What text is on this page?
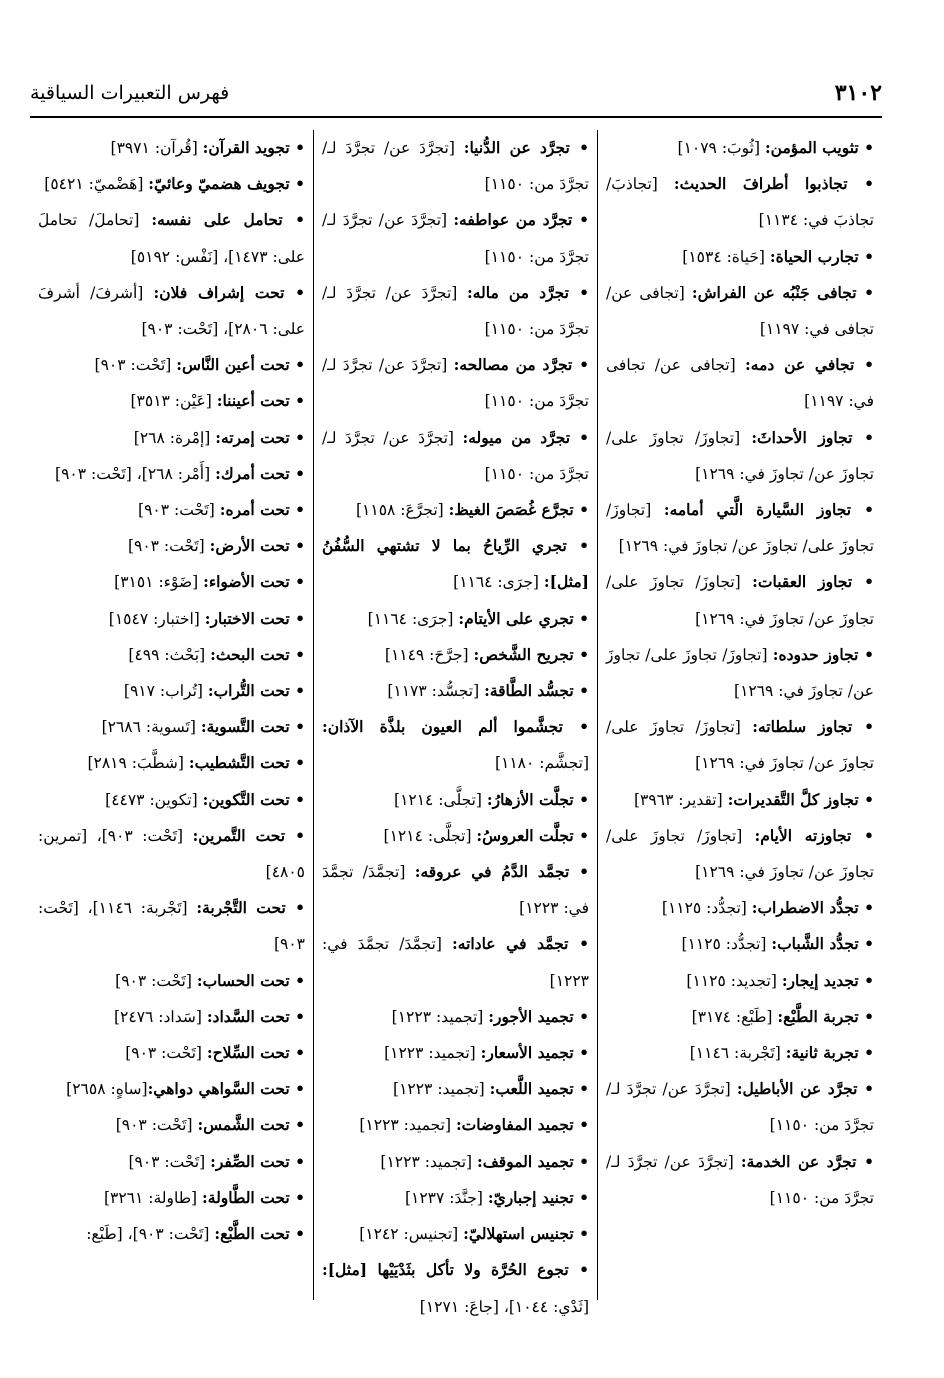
٣١٠٢
فهرس التعبيرات السياقية

• تثويب المؤمن: [ثُوبَ: ١٠٧٩]

• تجاذبوا أطرافَ الحديث: [تجاذبَ/ تجاذبَ في: ١١٣٤]

• تجارب الحياة: [حَياة: ١٥٣٤]

• تجافى جَنْبُه عن الفراش: [تجافى عن/ تجافى في: ١١٩٧]

• تجافي عن دمه: [تجافى عن/ تجافى في: ١١٩٧]

• تجاوز الأحداثَ: [تجاوزَ/ تجاوزَ على/ تجاوزَ عن/ تجاوزَ في: ١٢٦٩]

• تجاوز السَّيارة الَّتي أمامه: [تجاوزَ/ تجاوزَ على/ تجاوزَ عن/ تجاوزَ في: ١٢٦٩]

• تجاوز العقبات: [تجاوزَ/ تجاوزَ على/ تجاوزَ عن/ تجاوزَ في: ١٢٦٩]

• تجاوز حدوده: [تجاوزَ/ تجاوزَ على/ تجاوزَ عن/ تجاوزَ في: ١٢٦٩]

• تجاوز سلطاته: [تجاوزَ/ تجاوزَ على/ تجاوزَ عن/ تجاوزَ في: ١٢٦٩]

• تجاوز كلَّ التَّقديرات: [تقدير: ٣٩٦٣]

• تجاوزته الأيام: [تجاوزَ/ تجاوزَ على/ تجاوزَ عن/ تجاوزَ في: ١٢٦٩]

• تجدُّد الاضطراب: [تجدُّد: ١١٢٥]

• تجدُّد الشَّباب: [تجدُّد: ١١٢٥]

• تجديد إيجار: [تجديد: ١١٢٥]

• تجربة الطَّبْع: [طَبْع: ٣١٧٤]

• تجربة ثانية: [تَجْربة: ١١٤٦]

• تجرَّد عن الأباطيل: [تجرَّدَ عن/ تجرَّدَ لـ/ تجرَّدَ من: ١١٥٠]

• تجرَّد عن الخدمة: [تجرَّدَ عن/ تجرَّدَ لـ/ تجرَّدَ من: ١١٥٠]

• تجرَّد عن الدُّنيا: [تجرَّدَ عن/ تجرَّدَ لـ/ تجرَّدَ من: ١١٥٠]

• تجرَّد من عواطفه: [تجرَّدَ عن/ تجرَّدَ لـ/ تجرَّدَ من: ١١٥٠]

• تجرَّد من ماله: [تجرَّدَ عن/ تجرَّدَ لـ/ تجرَّدَ من: ١١٥٠]

• تجرَّد من مصالحه: [تجرَّدَ عن/ تجرَّدَ لـ/ تجرَّدَ من: ١١٥٠]

• تجرَّد من ميوله: [تجرَّدَ عن/ تجرَّدَ لـ/ تجرَّدَ من: ١١٥٠]

• تجرَّع غُصَصَ الغيظ: [تجرَّعَ: ١١٥٨]

• تجري الرِّياحُ بما لا تشتهي السُّفُنُ [مثل]: [جرَى: ١١٦٤]

• تجري على الأيتام: [جرَى: ١١٦٤]

• تجريح الشَّخص: [جرَّحَ: ١١٤٩]

• تجسُّد الطَّاقة: [تجسُّد: ١١٧٣]

• تجشَّموا ألم العيون بلذَّة الآذان: [تجشَّم: ١١٨٠]

• تجلَّت الأزهارُ: [تجلَّى: ١٢١٤]

• تجلَّت العروسُ: [تجلَّى: ١٢١٤]

• تجمَّد الدَّمُ في عروقه: [تجمَّدَ/ تجمَّدَ في: ١٢٢٣]

• تجمَّد في عاداته: [تجمَّدَ/ تجمَّدَ في: ١٢٢٣]

• تجميد الأجور: [تجميد: ١٢٢٣]

• تجميد الأسعار: [تجميد: ١٢٢٣]

• تجميد اللَّعب: [تجميد: ١٢٢٣]

• تجميد المفاوضات: [تجميد: ١٢٢٣]

• تجميد الموقف: [تجميد: ١٢٢٣]

• تجنيد إجباريّ: [جنَّدَ: ١٢٣٧]

• تجنيس استهلاليّ: [تجنيس: ١٢٤٢]

• تجوع الحُرَّة ولا تأكل بثَدْيَيْها [مثل]: [ثَدْي: ١٠٤٤]، [جاعَ: ١٢٧١]

• تجويد القرآن: [قُرآن: ٣٩٧١]

• تجويف هضميّ وعائيّ: [هَضْميّ: ٥٤٢١]

• تحامل على نفسه: [تحاملَ/ تحاملَ على: ١٤٧٣]، [نَفْس: ٥١٩٢]

• تحت إشراف فلان: [أشرفَ/ أشرفَ على: ٢٨٠٦]، [تَحْت: ٩٠٣]

• تحت أعين النَّاس: [تَحْت: ٩٠٣]

• تحت أعيننا: [عَيْن: ٣٥١٣]

• تحت إمرته: [إمْرة: ٢٦٨]

• تحت أمرك: [أَمْر: ٢٦٨]، [تَحْت: ٩٠٣]

• تحت أمره: [تَحْت: ٩٠٣]

• تحت الأرض: [تَحْت: ٩٠٣]

• تحت الأضواء: [ضَوْء: ٣١٥١]

• تحت الاختبار: [اختبار: ١٥٤٧]

• تحت البحث: [بَحْث: ٤٩٩]

• تحت التُّراب: [تُراب: ٩١٧]

• تحت التَّسوية: [تَسوية: ٢٦٨٦]

• تحت التَّشطيب: [شطَّبَ: ٢٨١٩]

• تحت التَّكوين: [تكوين: ٤٤٧٣]

• تحت التَّمرين: [تَحْت: ٩٠٣]، [تمرين: ٤٨٠٥]

• تحت التَّجْربة: [تَجْربة: ١١٤٦]، [تَحْت: ٩٠٣]

• تحت الحساب: [تَحْت: ٩٠٣]

• تحت السَّداد: [سَداد: ٢٤٧٦]

• تحت السِّلاح: [تَحْت: ٩٠٣]

• تحت السَّواهي دواهي:[ساهٍ: ٢٦٥٨]

• تحت الشَّمس: [تَحْت: ٩٠٣]

• تحت الصِّفر: [تَحْت: ٩٠٣]

• تحت الطَّاولة: [طاولة: ٣٢٦١]

• تحت الطَّبْع: [تَحْت: ٩٠٣]، [طَبْع:
